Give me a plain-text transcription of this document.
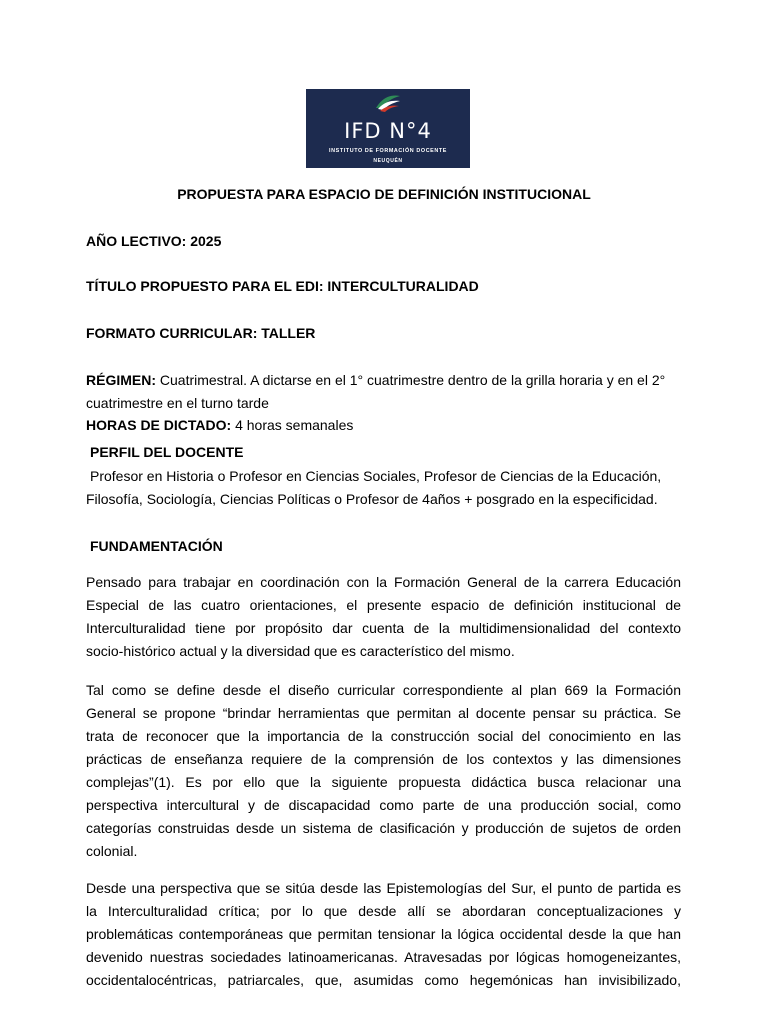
IFD N°4
INSTITUTO DE FORMACIÓN DOCENTE
NEUQUÉN
PROPUESTA PARA ESPACIO DE DEFINICIÓN INSTITUCIONAL
AÑO LECTIVO: 2025
TÍTULO PROPUESTO PARA EL EDI: INTERCULTURALIDAD
FORMATO CURRICULAR: TALLER
RÉGIMEN: Cuatrimestral. A dictarse en el 1° cuatrimestre dentro de la grilla horaria y en el 2°
cuatrimestre en el turno tarde
HORAS DE DICTADO: 4 horas semanales
PERFIL DEL DOCENTE
Profesor en Historia o Profesor en Ciencias Sociales, Profesor de Ciencias de la Educación,
Filosofía, Sociología, Ciencias Políticas o Profesor de 4años + posgrado en la especificidad.
FUNDAMENTACIÓN
Pensado para trabajar en coordinación con la Formación General de la carrera Educación
Especial de las cuatro orientaciones, el presente espacio de definición institucional de
Interculturalidad tiene por propósito dar cuenta de la multidimensionalidad del contexto
socio-histórico actual y la diversidad que es característico del mismo.
Tal como se define desde el diseño curricular correspondiente al plan 669 la Formación
General se propone “brindar herramientas que permitan al docente pensar su práctica. Se
trata de reconocer que la importancia de la construcción social del conocimiento en las
prácticas de enseñanza requiere de la comprensión de los contextos y las dimensiones
complejas”(1). Es por ello que la siguiente propuesta didáctica busca relacionar una
perspectiva intercultural y de discapacidad como parte de una producción social, como
categorías construidas desde un sistema de clasificación y producción de sujetos de orden
colonial.
Desde una perspectiva que se sitúa desde las Epistemologías del Sur, el punto de partida es
la Interculturalidad crítica; por lo que desde allí se abordaran conceptualizaciones y
problemáticas contemporáneas que permitan tensionar la lógica occidental desde la que han
devenido nuestras sociedades latinoamericanas. Atravesadas por lógicas homogeneizantes,
occidentalocéntricas, patriarcales, que, asumidas como hegemónicas han invisibilizado,
